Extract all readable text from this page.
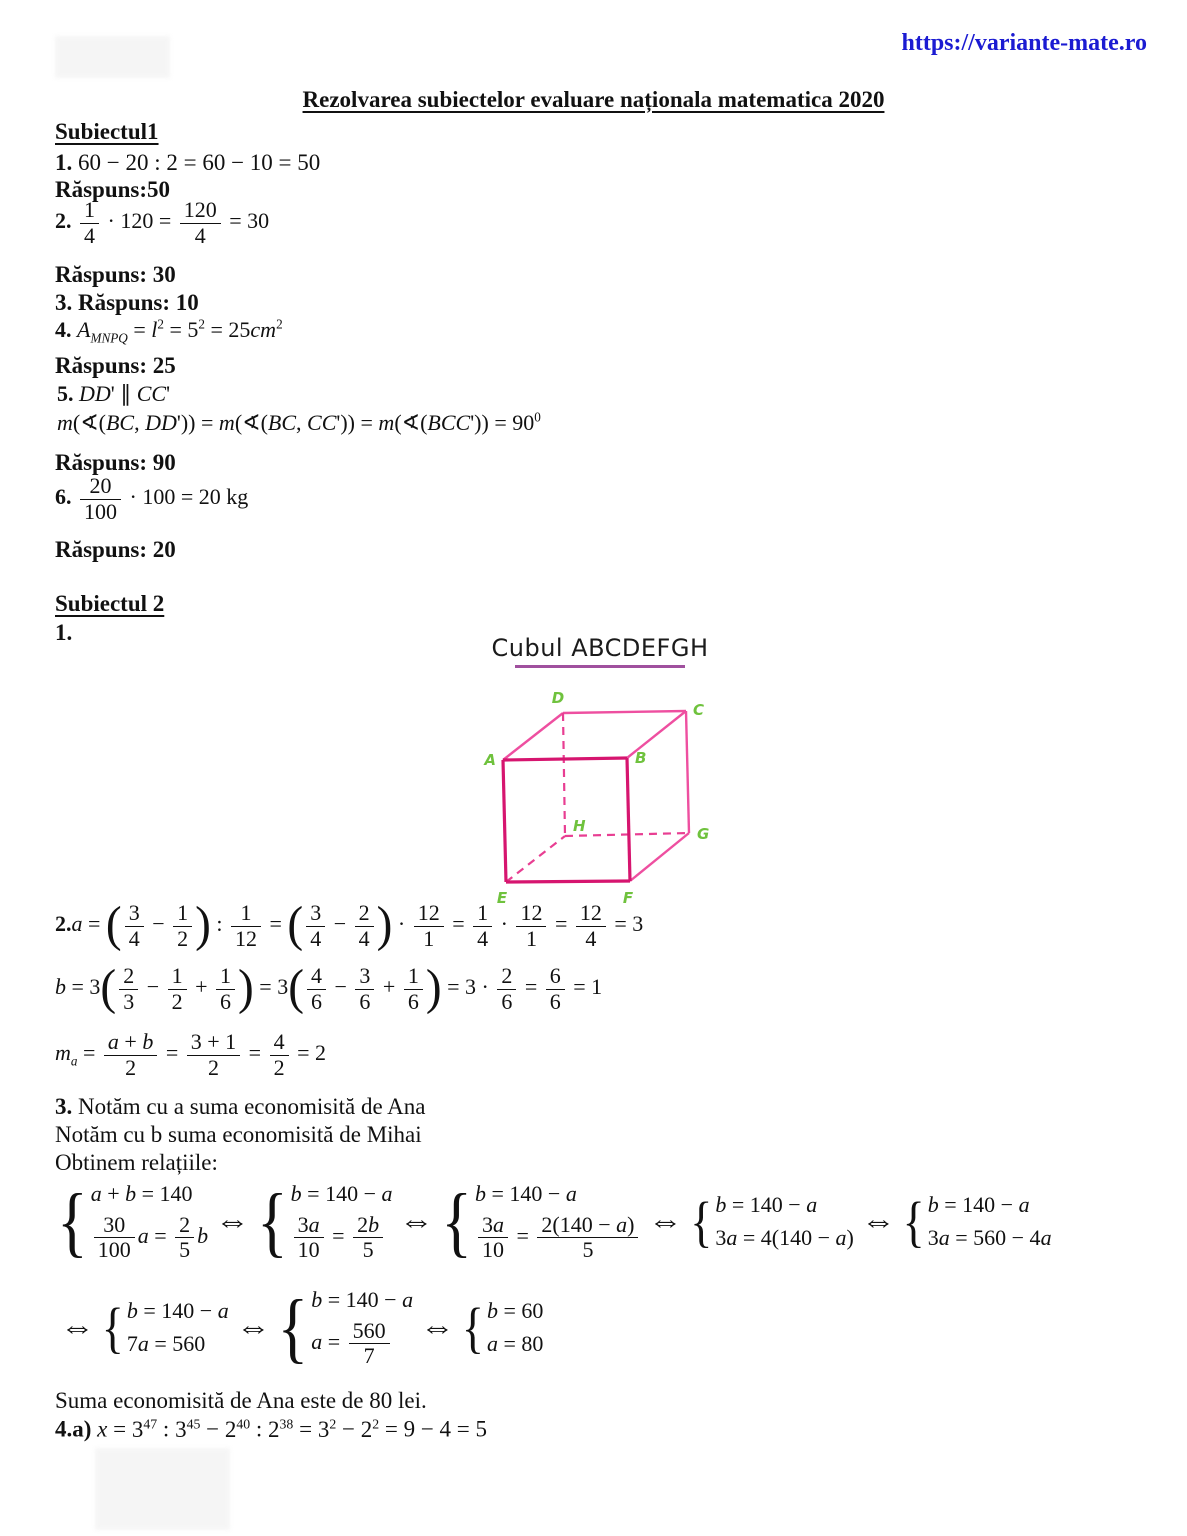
https://variante-mate.ro
Rezolvarea subiectelor evaluare naționala matematica 2020
Subiectul1
1. 60 − 20 : 2 = 60 − 10 = 50
Răspuns:50
2. $\frac{1}{4} \cdot 120 = \frac{120}{4} = 30$
Răspuns: 30
3. Răspuns: 10
4. $A_{MNPQ} = l^2 = 5^2 = 25cm^2$
Răspuns: 25
5. DD' ∥ CC'
m(∢(BC, DD')) = m(∢(BC, CC')) = m(∢(BCC')) = $90^0$
Răspuns: 90
6. $\frac{20}{100} \cdot 100 = 20$ kg
Răspuns: 20
Subiectul 2
1.
Cubul ABCDEFGH
A	B
C
D
E	F
G
H
2.a = ( $\frac{3}{4} - \frac{1}{2}$ ) : $\frac{1}{12}$ = ( $\frac{3}{4} - \frac{2}{4}$ ) · $\frac{12}{1} = \frac{1}{4} \cdot \frac{12}{1} = \frac{12}{4} = 3$
$b = 3( \frac{2}{3} - \frac{1}{2} + \frac{1}{6}$ ) = $3( \frac{4}{6} - \frac{3}{6} + \frac{1}{6}$ ) = $3 \cdot \frac{2}{6} = \frac{6}{6} = 1$
$m_a = \frac{a + b}{2} = \frac{3 + 1}{2} = \frac{4}{2} = 2$
3. Notăm cu a suma economisită de Ana
Notăm cu b suma economisită de Mihai
Obtinem relațiile:
{ a + b = 140
$\frac{30}{100}$ $a = \frac{2}{5}$ b ⇔ { b = 140 − a
$\frac{3a}{10} = \frac{2b}{5}$ ⇔ { b = 140 − a
$\frac{3a}{10} = \frac{2(140 - a)}{5}$ ⇔ { b = 140 − a
3a = 4(140 − a) ⇔ { b = 140 − a
3a = 560 − 4a
⇔ { b = 140 − a
7a = 560 ⇔ { b = 140 − a
$a = \frac{560}{7}$ ⇔ { b = 60
a = 80
Suma economisită de Ana este de 80 lei.
4.a) $x = 3^{47}$ : $3^{45} - 2^{40}$ : $2^{38} = 3^2 - 2^2 = 9 - 4 = 5$
